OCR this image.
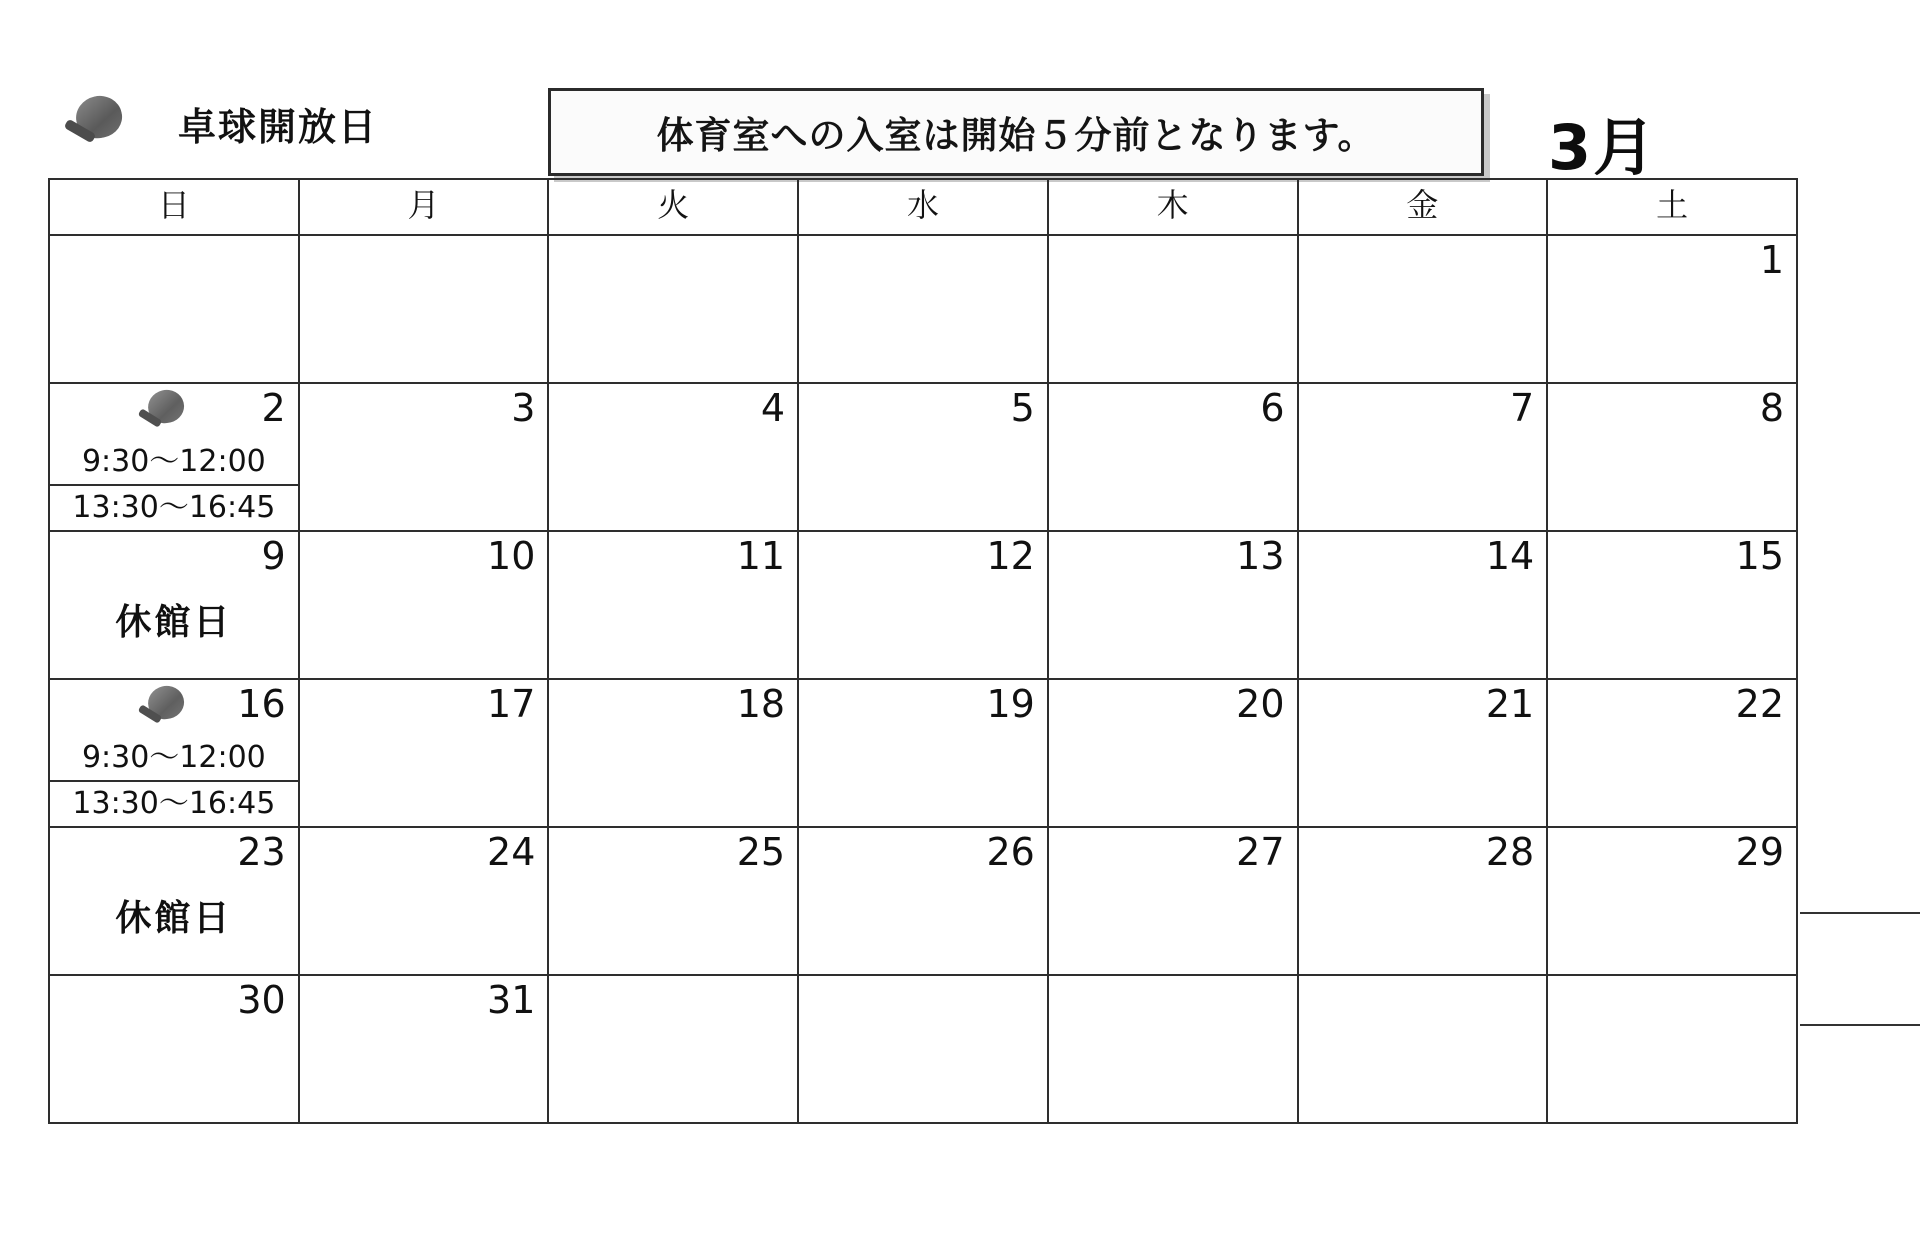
卓球開放日	体育室への入室は開始５分前となります。	3月
日	月	火	水	木	金	土

						1

2
9:30〜12:00
13:30〜16:45	3	4	5	6	7	8

9
休館日	10	11	12	13	14	15

16
9:30〜12:00
13:30〜16:45	17	18	19	20	21	22

23
休館日	24	25	26	27	28	29

30	31					
